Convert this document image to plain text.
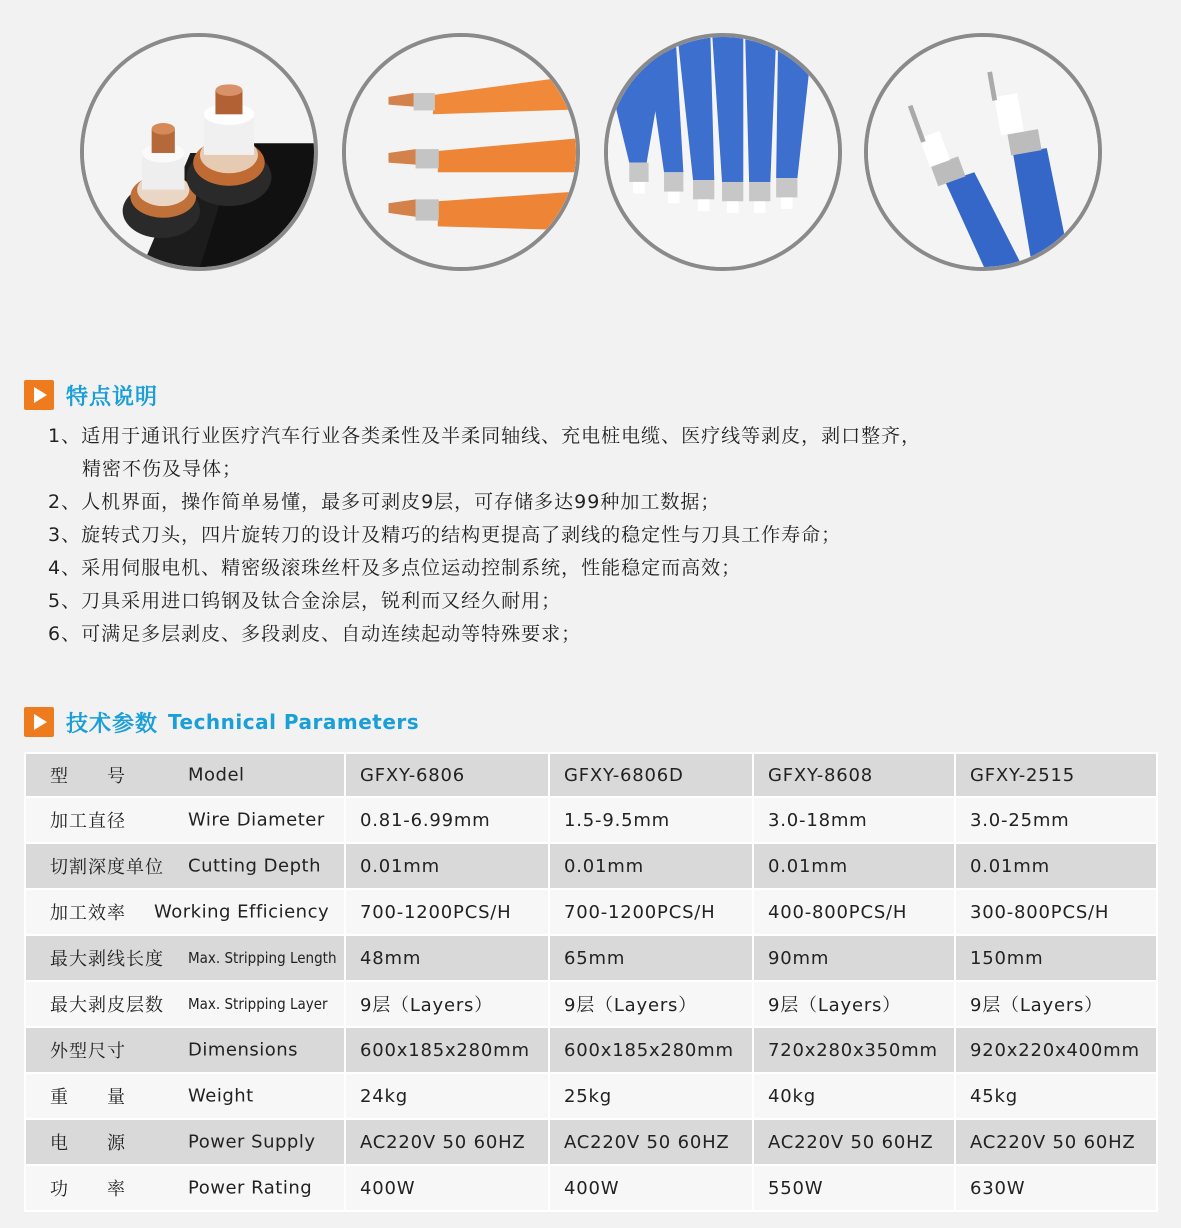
特点说明
1、适用于通讯行业医疗汽车行业各类柔性及半柔同轴线、充电桩电缆、医疗线等剥皮，剥口整齐，
精密不伤及导体；
2、人机界面，操作简单易懂，最多可剥皮9层，可存储多达99种加工数据；
3、旋转式刀头，四片旋转刀的设计及精巧的结构更提高了剥线的稳定性与刀具工作寿命；
4、采用伺服电机、精密级滚珠丝杆及多点位运动控制系统，性能稳定而高效；
5、刀具采用进口钨钢及钛合金涂层，锐利而又经久耐用；
6、可满足多层剥皮、多段剥皮、自动连续起动等特殊要求；
技术参数 Technical Parameters
型　　号 Model	GFXY-6806	GFXY-6806D	GFXY-8608	GFXY-2515

加工直径 Wire Diameter	0.81-6.99mm	1.5-9.5mm	3.0-18mm	3.0-25mm

切割深度单位 Cutting Depth	0.01mm	0.01mm	0.01mm	0.01mm

加工效率 Working Efficiency	700-1200PCS/H	700-1200PCS/H	400-800PCS/H	300-800PCS/H

最大剥线长度 Max. Stripping Length	48mm	65mm	90mm	150mm

最大剥皮层数 Max. Stripping Layer	9层（Layers）	9层（Layers）	9层（Layers）	9层（Layers）

外型尺寸 Dimensions	600x185x280mm	600x185x280mm	720x280x350mm	920x220x400mm

重　　量 Weight	24kg	25kg	40kg	45kg

电　　源 Power Supply	AC220V 50 60HZ	AC220V 50 60HZ	AC220V 50 60HZ	AC220V 50 60HZ

功　　率 Power Rating	400W	400W	550W	630W
